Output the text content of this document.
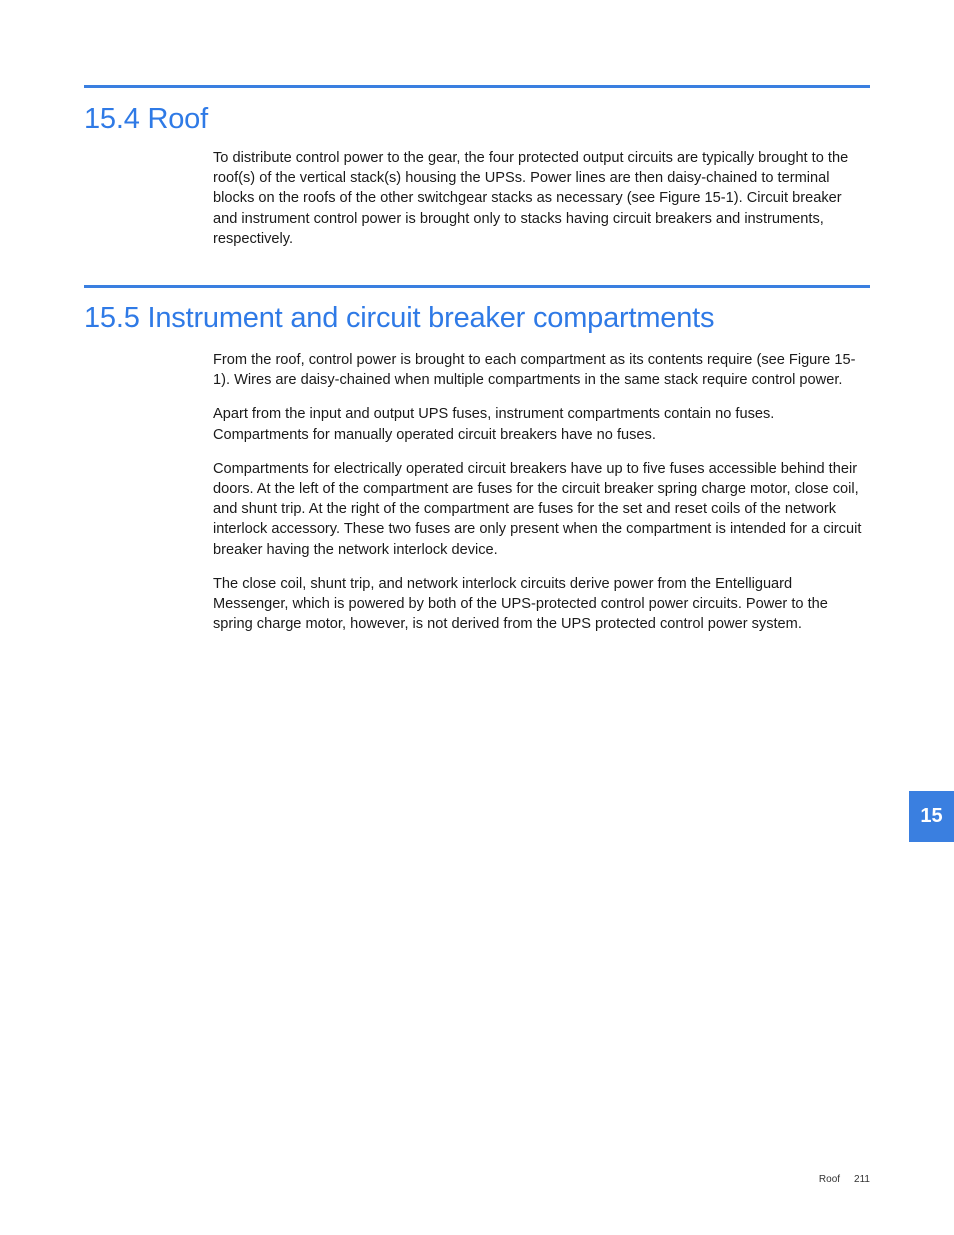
15.4 Roof

To distribute control power to the gear, the four protected output circuits are typically brought to the roof(s) of the vertical stack(s) housing the UPSs. Power lines are then daisy-chained to terminal blocks on the roofs of the other switchgear stacks as necessary (see Figure 15-1). Circuit breaker and instrument control power is brought only to stacks having circuit breakers and instruments, respectively.

15.5 Instrument and circuit breaker compartments

From the roof, control power is brought to each compartment as its contents require (see Figure 15-1). Wires are daisy-chained when multiple compartments in the same stack require control power.

Apart from the input and output UPS fuses, instrument compartments contain no fuses. Compartments for manually operated circuit breakers have no fuses.

Compartments for electrically operated circuit breakers have up to five fuses accessible behind their doors. At the left of the compartment are fuses for the circuit breaker spring charge motor, close coil, and shunt trip. At the right of the compartment are fuses for the set and reset coils of the network interlock accessory. These two fuses are only present when the compartment is intended for a circuit breaker having the network interlock device.

The close coil, shunt trip, and network interlock circuits derive power from the Entelliguard Messenger, which is powered by both of the UPS-protected control power circuits. Power to the spring charge motor, however, is not derived from the UPS protected control power system.

15
Roof 211
